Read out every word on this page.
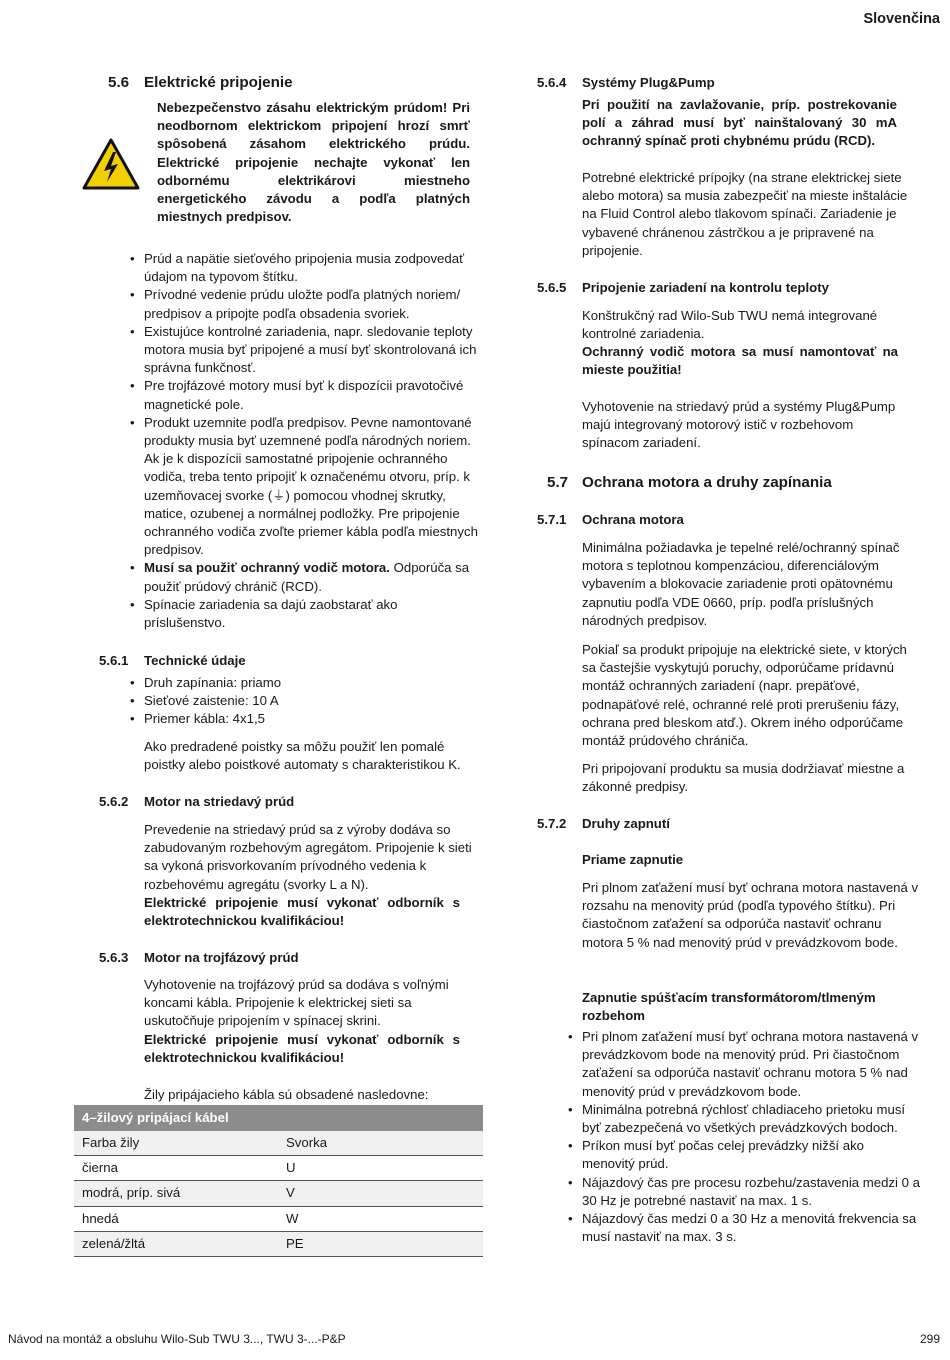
Slovenčina
5.6 Elektrické pripojenie

Nebezpečenstvo zásahu elektrickým prúdom! Pri neodbornom elektrickom pripojení hrozí smrť spôsobená zásahom elektrického prúdu. Elektrické pripojenie nechajte vykonať len odbornému elektrikárovi miestneho energetického závodu a podľa platných miestnych predpisov.

• Prúd a napätie sieťového pripojenia musia zodpovedať údajom na typovom štítku.
• Prívodné vedenie prúdu uložte podľa platných noriem/ predpisov a pripojte podľa obsadenia svoriek.
• Existujúce kontrolné zariadenia, napr. sledovanie teploty motora musia byť pripojené a musí byť skontrolovaná ich správna funkčnosť.
• Pre trojfázové motory musí byť k dispozícii pravotočivé magnetické pole.
• Produkt uzemnite podľa predpisov. Pevne namontované produkty musia byť uzemnené podľa národných noriem. Ak je k dispozícii samostatné pripojenie ochranného vodiča, treba tento pripojiť k označenému otvoru, príp. k uzemňovacej svorke (⏚) pomocou vhodnej skrutky, matice, ozubenej a normálnej podložky. Pre pripojenie ochranného vodiča zvoľte priemer kábla podľa miestnych predpisov.
• Musí sa použiť ochranný vodič motora. Odporúča sa použiť prúdový chránič (RCD).
• Spínacie zariadenia sa dajú zaobstarať ako príslušenstvo.
5.6.1 Technické údaje
• Druh zapínania: priamo
• Sieťové zaistenie: 10 A
• Priemer kábla: 4x1,5

Ako predradené poistky sa môžu použiť len pomalé poistky alebo poistkové automaty s charakteristikou K.

5.6.2 Motor na striedavý prúd

Prevedenie na striedavý prúd sa z výroby dodáva so zabudovaným rozbehovým agregátom. Pripojenie k sieti sa vykoná prisvorkovaním prívodného vedenia k rozbehovému agregátu (svorky L a N).

Elektrické pripojenie musí vykonať odborník s elektrotechnickou kvalifikáciou!

5.6.3 Motor na trojfázový prúd

Vyhotovenie na trojfázový prúd sa dodáva s voľnými koncami kábla. Pripojenie k elektrickej sieti sa uskutočňuje pripojením v spínacej skrini.

Elektrické pripojenie musí vykonať odborník s elektrotechnickou kvalifikáciou!

Žily pripájacieho kábla sú obsadené nasledovne:

4–žilový pripájací kábel	
Farba žily	Svorka
čierna	U
modrá, príp. sivá	V
hnedá	W
zelená/žltá	PE
5.6.4 Systémy Plug&Pump

Pri použití na zavlažovanie, príp. postrekovanie polí a záhrad musí byť nainštalovaný 30 mA ochranný spínač proti chybnému prúdu (RCD).

Potrebné elektrické prípojky (na strane elektrickej siete alebo motora) sa musia zabezpečiť na mieste inštalácie na Fluid Control alebo tlakovom spínači. Zariadenie je vybavené chránenou zástrčkou a je pripravené na pripojenie.

5.6.5 Pripojenie zariadení na kontrolu teploty

Konštrukčný rad Wilo-Sub TWU nemá integrované kontrolné zariadenia.

Ochranný vodič motora sa musí namontovať na mieste použitia!

Vyhotovenie na striedavý prúd a systémy Plug&Pump majú integrovaný motorový istič v rozbehovom spínacom zariadení.

5.7 Ochrana motora a druhy zapínania
5.7.1 Ochrana motora

Minimálna požiadavka je tepelné relé/ochranný spínač motora s teplotnou kompenzáciou, diferenciálovým vybavením a blokovacie zariadenie proti opätovnému zapnutiu podľa VDE 0660, príp. podľa príslušných národných predpisov.

Pokiaľ sa produkt pripojuje na elektrické siete, v ktorých sa častejšie vyskytujú poruchy, odporúčame prídavnú montáž ochranných zariadení (napr. prepäťové, podnapäťové relé, ochranné relé proti prerušeniu fázy, ochrana pred bleskom atď.). Okrem iného odporúčame montáž prúdového chrániča.

Pri pripojovaní produktu sa musia dodržiavať miestne a zákonné predpisy.

5.7.2 Druhy zapnutí
Priame zapnutie

Pri plnom zaťažení musí byť ochrana motora nastavená v rozsahu na menovitý prúd (podľa typového štítku). Pri čiastočnom zaťažení sa odporúča nastaviť ochranu motora 5 % nad menovitý prúd v prevádzkovom bode.

Zapnutie spúšťacím transformátorom/tlmeným rozbehom

• Pri plnom zaťažení musí byť ochrana motora nastavená v prevádzkovom bode na menovitý prúd. Pri čiastočnom zaťažení sa odporúča nastaviť ochranu motora 5 % nad menovitý prúd v prevádzkovom bode.
• Minimálna potrebná rýchlosť chladiaceho prietoku musí byť zabezpečená vo všetkých prevádzkových bodoch.
• Príkon musí byť počas celej prevádzky nižší ako menovitý prúd.
• Nájazdový čas pre procesu rozbehu/zastavenia medzi 0 a 30 Hz je potrebné nastaviť na max. 1 s.
• Nájazdový čas medzi 0 a 30 Hz a menovitá frekvencia sa musí nastaviť na max. 3 s.
Návod na montáž a obsluhu Wilo-Sub TWU 3..., TWU 3-...-P&P	299
